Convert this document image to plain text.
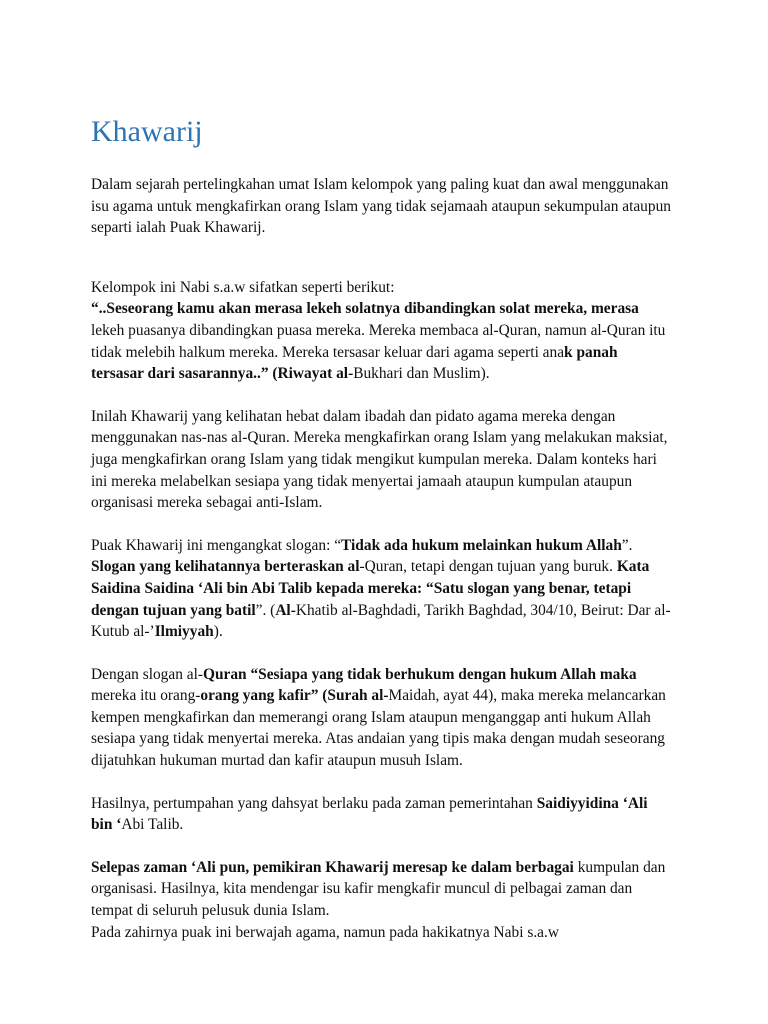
Khawarij

Dalam sejarah pertelingkahan umat Islam kelompok yang paling kuat dan awal menggunakan isu agama untuk mengkafirkan orang Islam yang tidak sejamaah ataupun sekumpulan ataupun separti ialah Puak Khawarij.

Kelompok ini Nabi s.a.w sifatkan seperti berikut:
“..Seseorang kamu akan merasa lekeh solatnya dibandingkan solat mereka, merasa lekeh puasanya dibandingkan puasa mereka. Mereka membaca al-Quran, namun al-Quran itu tidak melebih halkum mereka. Mereka tersasar keluar dari agama seperti anak panah tersasar dari sasarannya..” (Riwayat al-Bukhari dan Muslim).

Inilah Khawarij yang kelihatan hebat dalam ibadah dan pidato agama mereka dengan menggunakan nas-nas al-Quran. Mereka mengkafirkan orang Islam yang melakukan maksiat, juga mengkafirkan orang Islam yang tidak mengikut kumpulan mereka. Dalam konteks hari ini mereka melabelkan sesiapa yang tidak menyertai jamaah ataupun kumpulan ataupun organisasi mereka sebagai anti-Islam.

Puak Khawarij ini mengangkat slogan: “Tidak ada hukum melainkan hukum Allah”. Slogan yang kelihatannya berteraskan al-Quran, tetapi dengan tujuan yang buruk. Kata Saidina Saidina ‘Ali bin Abi Talib kepada mereka: “Satu slogan yang benar, tetapi dengan tujuan yang batil”. (Al-Khatib al-Baghdadi, Tarikh Baghdad, 304/10, Beirut: Dar al-Kutub al-’Ilmiyyah).

Dengan slogan al-Quran “Sesiapa yang tidak berhukum dengan hukum Allah maka mereka itu orang-orang yang kafir” (Surah al-Maidah, ayat 44), maka mereka melancarkan kempen mengkafirkan dan memerangi orang Islam ataupun menganggap anti hukum Allah sesiapa yang tidak menyertai mereka. Atas andaian yang tipis maka dengan mudah seseorang dijatuhkan hukuman murtad dan kafir ataupun musuh Islam.

Hasilnya, pertumpahan yang dahsyat berlaku pada zaman pemerintahan Saidiyyidina ‘Ali bin ‘Abi Talib.

Selepas zaman ‘Ali pun, pemikiran Khawarij meresap ke dalam berbagai kumpulan dan organisasi. Hasilnya, kita mendengar isu kafir mengkafir muncul di pelbagai zaman dan tempat di seluruh pelusuk dunia Islam.
Pada zahirnya puak ini berwajah agama, namun pada hakikatnya Nabi s.a.w
